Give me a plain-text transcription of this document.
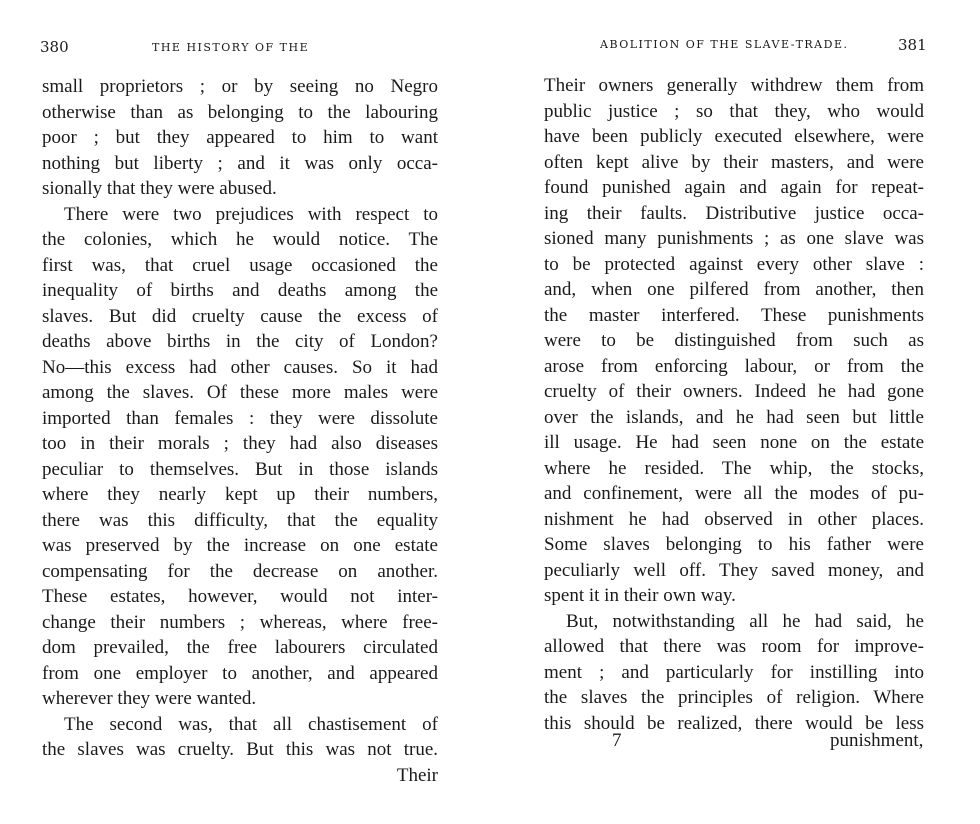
380	THE HISTORY OF THE
small proprietors ; or by seeing no Negro
otherwise than as belonging to the labouring
poor ; but they appeared to him to want
nothing but liberty ; and it was only occa-
sionally that they were abused.
There were two prejudices with respect to
the colonies, which he would notice. The
first was, that cruel usage occasioned the
inequality of births and deaths among the
slaves. But did cruelty cause the excess of
deaths above births in the city of London?
No—this excess had other causes. So it had
among the slaves. Of these more males were
imported than females : they were dissolute
too in their morals ; they had also diseases
peculiar to themselves. But in those islands
where they nearly kept up their numbers,
there was this difficulty, that the equality
was preserved by the increase on one estate
compensating for the decrease on another.
These estates, however, would not inter-
change their numbers ; whereas, where free-
dom prevailed, the free labourers circulated
from one employer to another, and appeared
wherever they were wanted.
The second was, that all chastisement of
the slaves was cruelty. But this was not true.
Their
ABOLITION OF THE SLAVE-TRADE.	381
Their owners generally withdrew them from
public justice ; so that they, who would
have been publicly executed elsewhere, were
often kept alive by their masters, and were
found punished again and again for repeat-
ing their faults. Distributive justice occa-
sioned many punishments ; as one slave was
to be protected against every other slave :
and, when one pilfered from another, then
the master interfered. These punishments
were to be distinguished from such as
arose from enforcing labour, or from the
cruelty of their owners. Indeed he had gone
over the islands, and he had seen but little
ill usage. He had seen none on the estate
where he resided. The whip, the stocks,
and confinement, were all the modes of pu-
nishment he had observed in other places.
Some slaves belonging to his father were
peculiarly well off. They saved money, and
spent it in their own way.
But, notwithstanding all he had said, he
allowed that there was room for improve-
ment ; and particularly for instilling into
the slaves the principles of religion. Where
this should be realized, there would be less
7	punishment,
